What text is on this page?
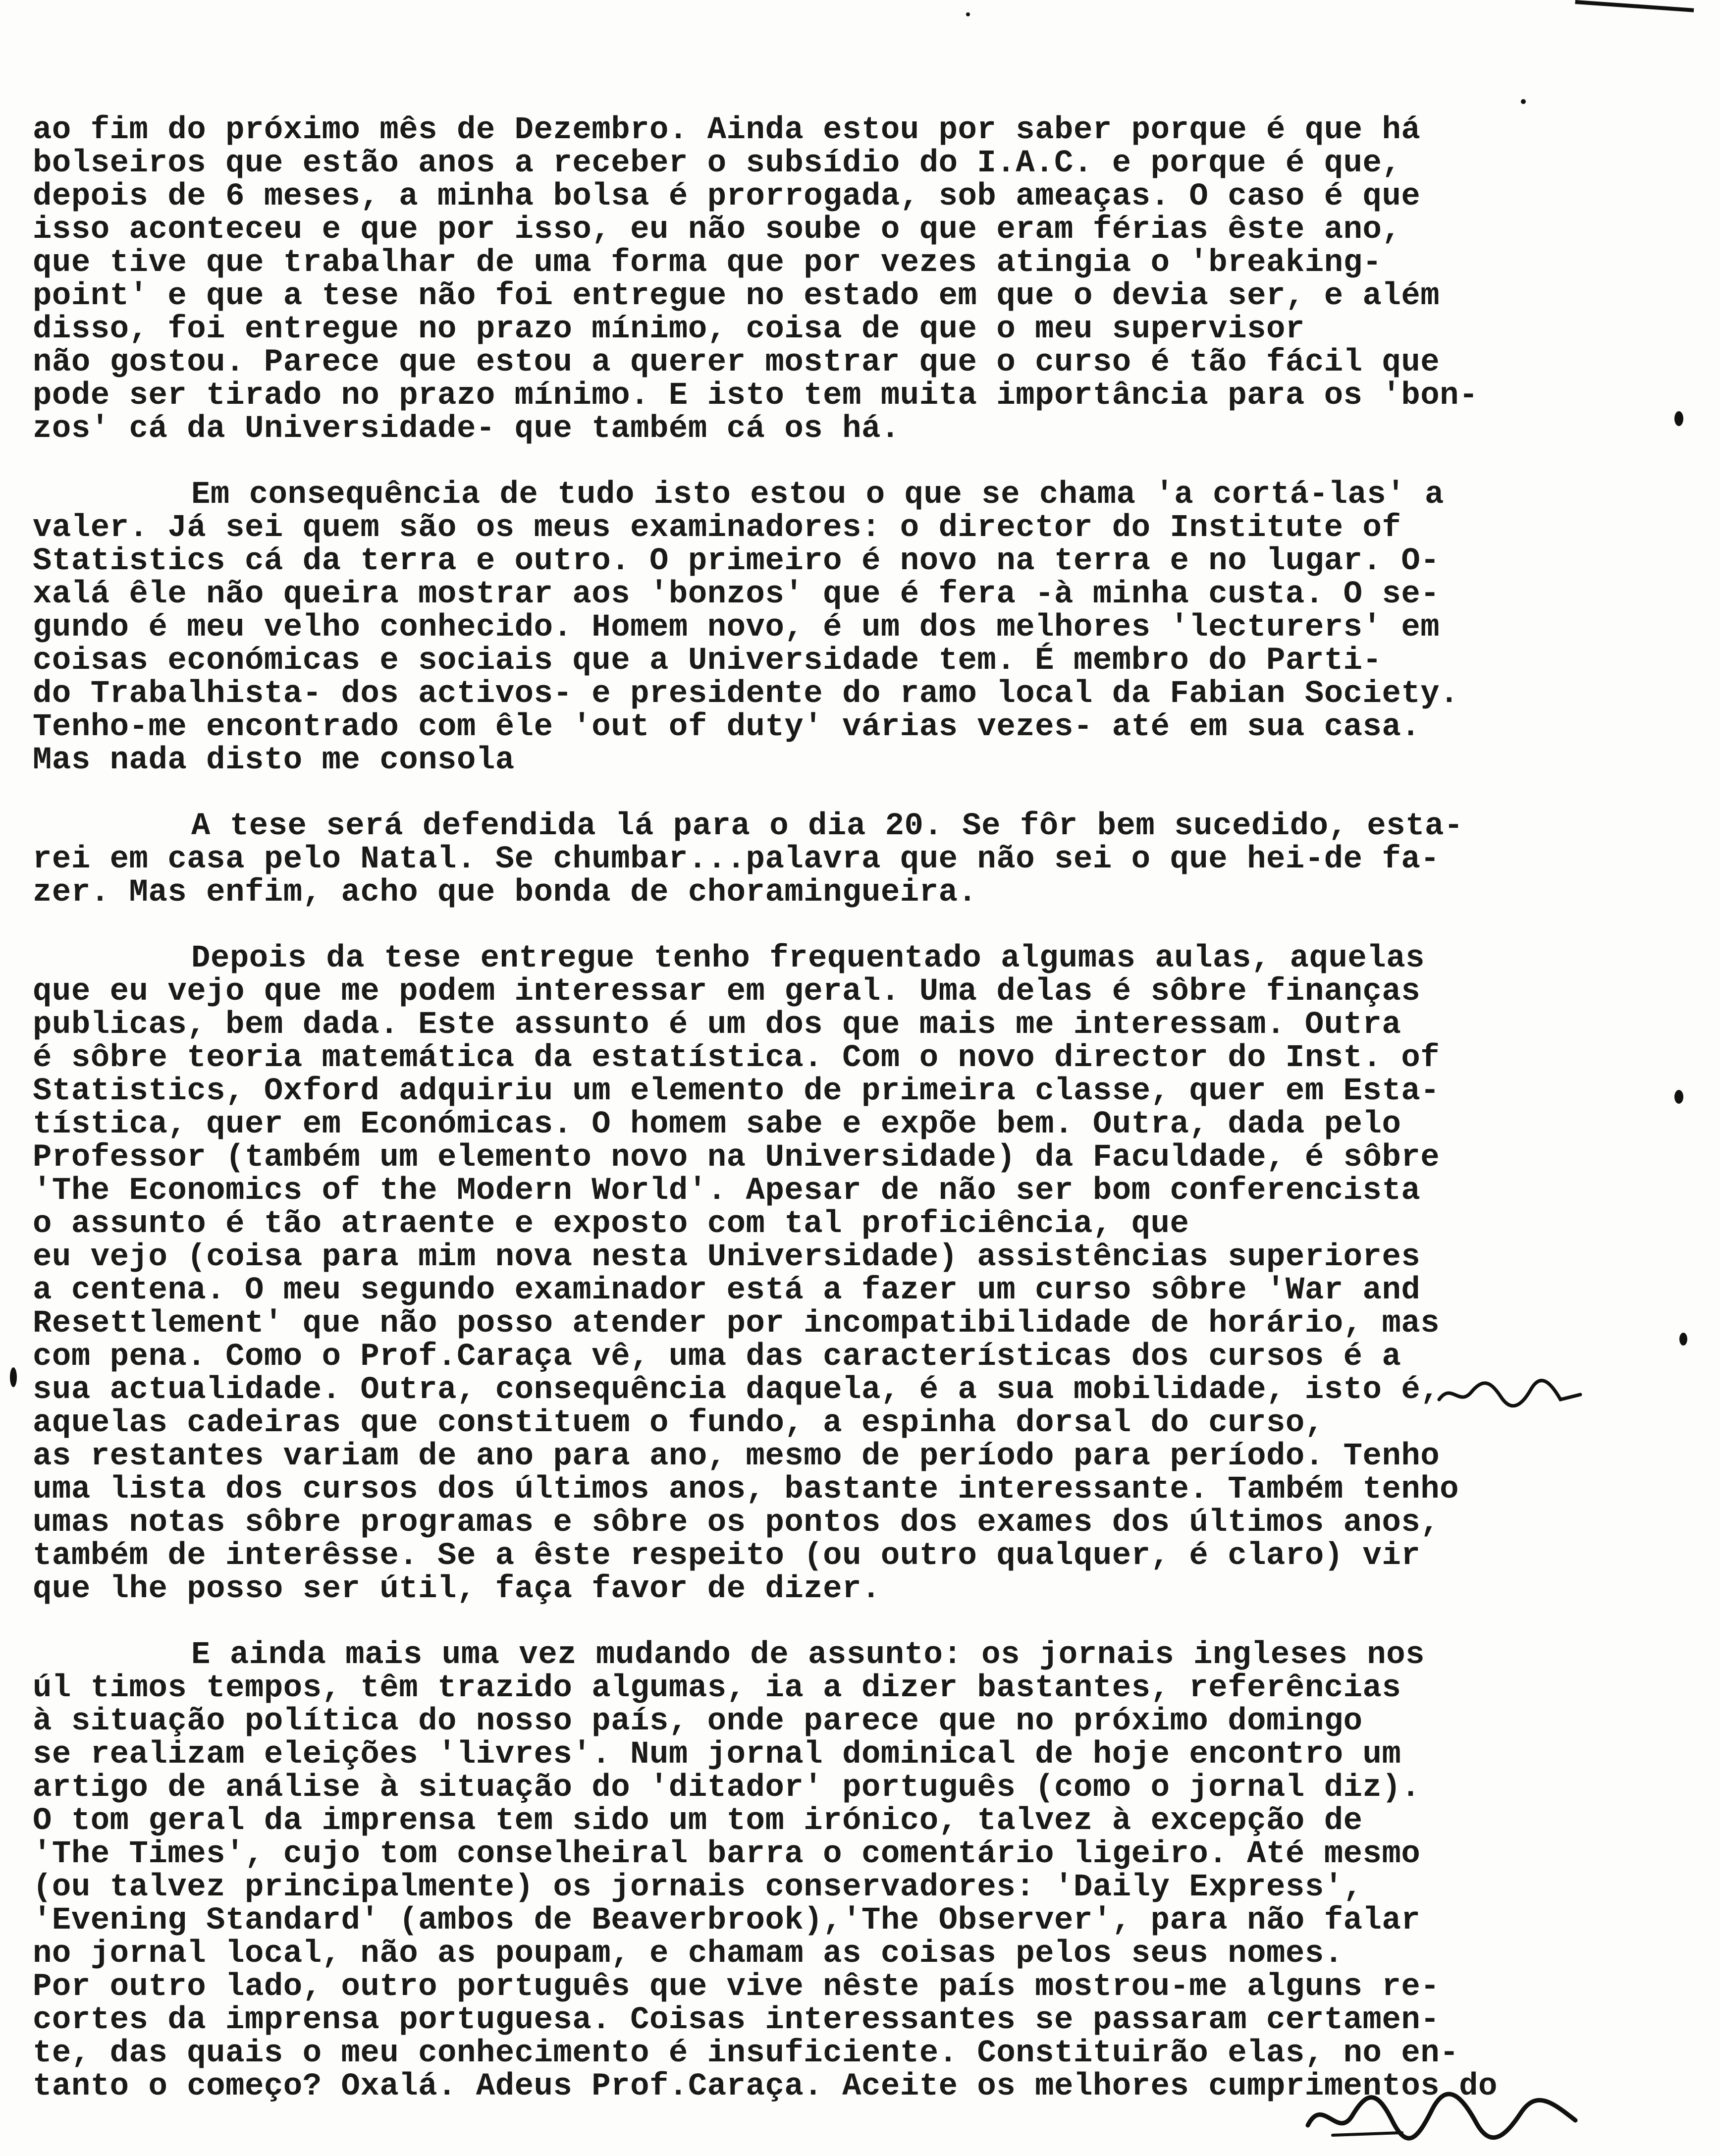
ao fim do próximo mês de Dezembro. Ainda estou por saber porque é que há
bolseiros que estão anos a receber o subsídio do I.A.C. e porque é que,
depois de 6 meses, a minha bolsa é prorrogada, sob ameaças. O caso é que
isso aconteceu e que por isso, eu não soube o que eram férias êste ano,
que tive que trabalhar de uma forma que por vezes atingia o 'breaking-
point' e que a tese não foi entregue no estado em que o devia ser, e além
disso, foi entregue no prazo mínimo, coisa de que o meu supervisor
não gostou. Parece que estou a querer mostrar que o curso é tão fácil que
pode ser tirado no prazo mínimo. E isto tem muita importância para os 'bon-
zos' cá da Universidade- que também cá os há.
Em consequência de tudo isto estou o que se chama 'a cortá-las' a
valer. Já sei quem são os meus examinadores: o director do Institute of
Statistics cá da terra e outro. O primeiro é novo na terra e no lugar. O-
xalá êle não queira mostrar aos 'bonzos' que é fera -à minha custa. O se-
gundo é meu velho conhecido. Homem novo, é um dos melhores 'lecturers' em
coisas económicas e sociais que a Universidade tem. É membro do Parti-
do Trabalhista- dos activos- e presidente do ramo local da Fabian Society.
Tenho-me encontrado com êle 'out of duty' várias vezes- até em sua casa.
Mas nada disto me consola
A tese será defendida lá para o dia 20. Se fôr bem sucedido, esta-
rei em casa pelo Natal. Se chumbar...palavra que não sei o que hei-de fa-
zer. Mas enfim, acho que bonda de choramingueira.
Depois da tese entregue tenho frequentado algumas aulas, aquelas
que eu vejo que me podem interessar em geral. Uma delas é sôbre finanças
publicas, bem dada. Este assunto é um dos que mais me interessam. Outra
é sôbre teoria matemática da estatística. Com o novo director do Inst. of
Statistics, Oxford adquiriu um elemento de primeira classe, quer em Esta-
tística, quer em Económicas. O homem sabe e expõe bem. Outra, dada pelo
Professor (também um elemento novo na Universidade) da Faculdade, é sôbre
'The Economics of the Modern World'. Apesar de não ser bom conferencista
o assunto é tão atraente e exposto com tal proficiência, que
eu vejo (coisa para mim nova nesta Universidade) assistências superiores
a centena. O meu segundo examinador está a fazer um curso sôbre 'War and
Resettlement' que não posso atender por incompatibilidade de horário, mas
com pena. Como o Prof.Caraça vê, uma das características dos cursos é a
sua actualidade. Outra, consequência daquela, é a sua mobilidade, isto é,
aquelas cadeiras que constituem o fundo, a espinha dorsal do curso,
as restantes variam de ano para ano, mesmo de período para período. Tenho
uma lista dos cursos dos últimos anos, bastante interessante. Também tenho
umas notas sôbre programas e sôbre os pontos dos exames dos últimos anos,
também de interêsse. Se a êste respeito (ou outro qualquer, é claro) vir
que lhe posso ser útil, faça favor de dizer.
E ainda mais uma vez mudando de assunto: os jornais ingleses nos
úl timos tempos, têm trazido algumas, ia a dizer bastantes, referências
à situação política do nosso país, onde parece que no próximo domingo
se realizam eleições 'livres'. Num jornal dominical de hoje encontro um
artigo de análise à situação do 'ditador' português (como o jornal diz).
O tom geral da imprensa tem sido um tom irónico, talvez à excepção de
'The Times', cujo tom conselheiral barra o comentário ligeiro. Até mesmo
(ou talvez principalmente) os jornais conservadores: 'Daily Express',
'Evening Standard' (ambos de Beaverbrook),'The Observer', para não falar
no jornal local, não as poupam, e chamam as coisas pelos seus nomes.
Por outro lado, outro português que vive nêste país mostrou-me alguns re-
cortes da imprensa portuguesa. Coisas interessantes se passaram certamen-
te, das quais o meu conhecimento é insuficiente. Constituirão elas, no en-
tanto o começo? Oxalá. Adeus Prof.Caraça. Aceite os melhores cumprimentos do
